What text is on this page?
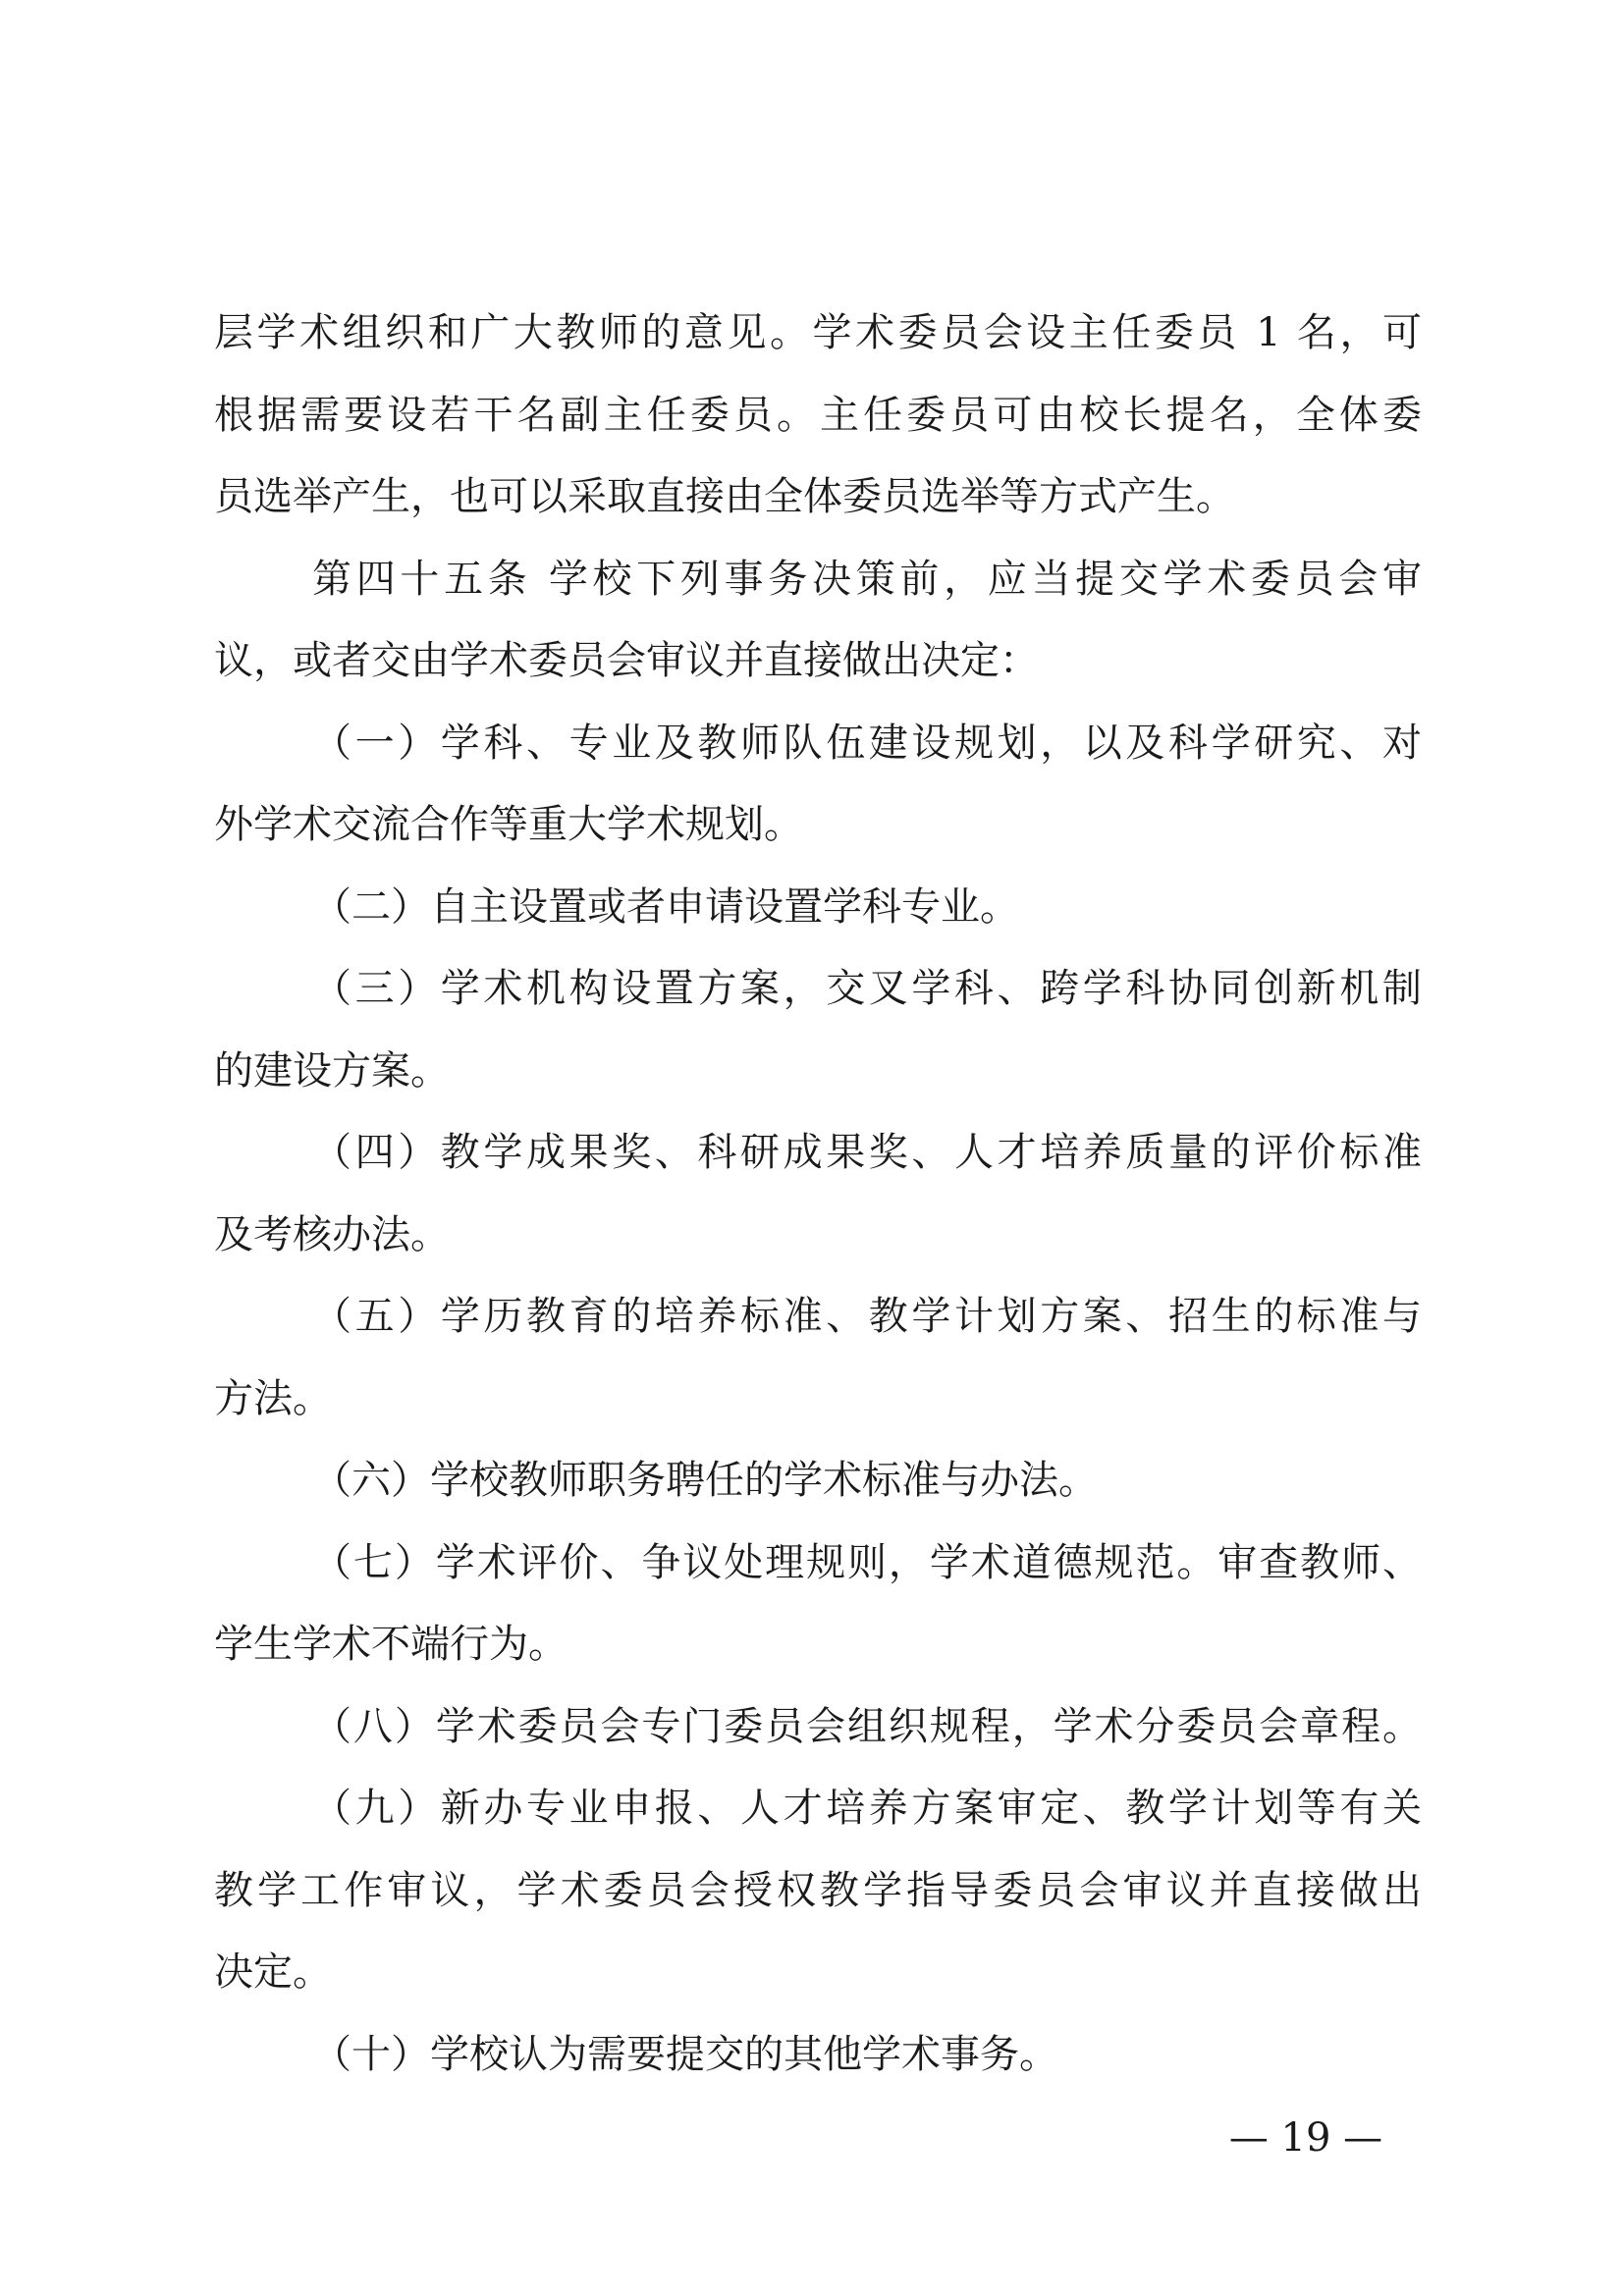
层学术组织和广大教师的意见。学术委员会设主任委员 1 名，可
根据需要设若干名副主任委员。主任委员可由校长提名，全体委
员选举产生，也可以采取直接由全体委员选举等方式产生。
第四十五条 学校下列事务决策前，应当提交学术委员会审
议，或者交由学术委员会审议并直接做出决定：
（一）学科、专业及教师队伍建设规划，以及科学研究、对
外学术交流合作等重大学术规划。
（二）自主设置或者申请设置学科专业。
（三）学术机构设置方案，交叉学科、跨学科协同创新机制
的建设方案。
（四）教学成果奖、科研成果奖、人才培养质量的评价标准
及考核办法。
（五）学历教育的培养标准、教学计划方案、招生的标准与
方法。
（六）学校教师职务聘任的学术标准与办法。
（七）学术评价、争议处理规则，学术道德规范。审查教师、
学生学术不端行为。
（八）学术委员会专门委员会组织规程，学术分委员会章程。
（九）新办专业申报、人才培养方案审定、教学计划等有关
教学工作审议，学术委员会授权教学指导委员会审议并直接做出
决定。
（十）学校认为需要提交的其他学术事务。
— 19 —
